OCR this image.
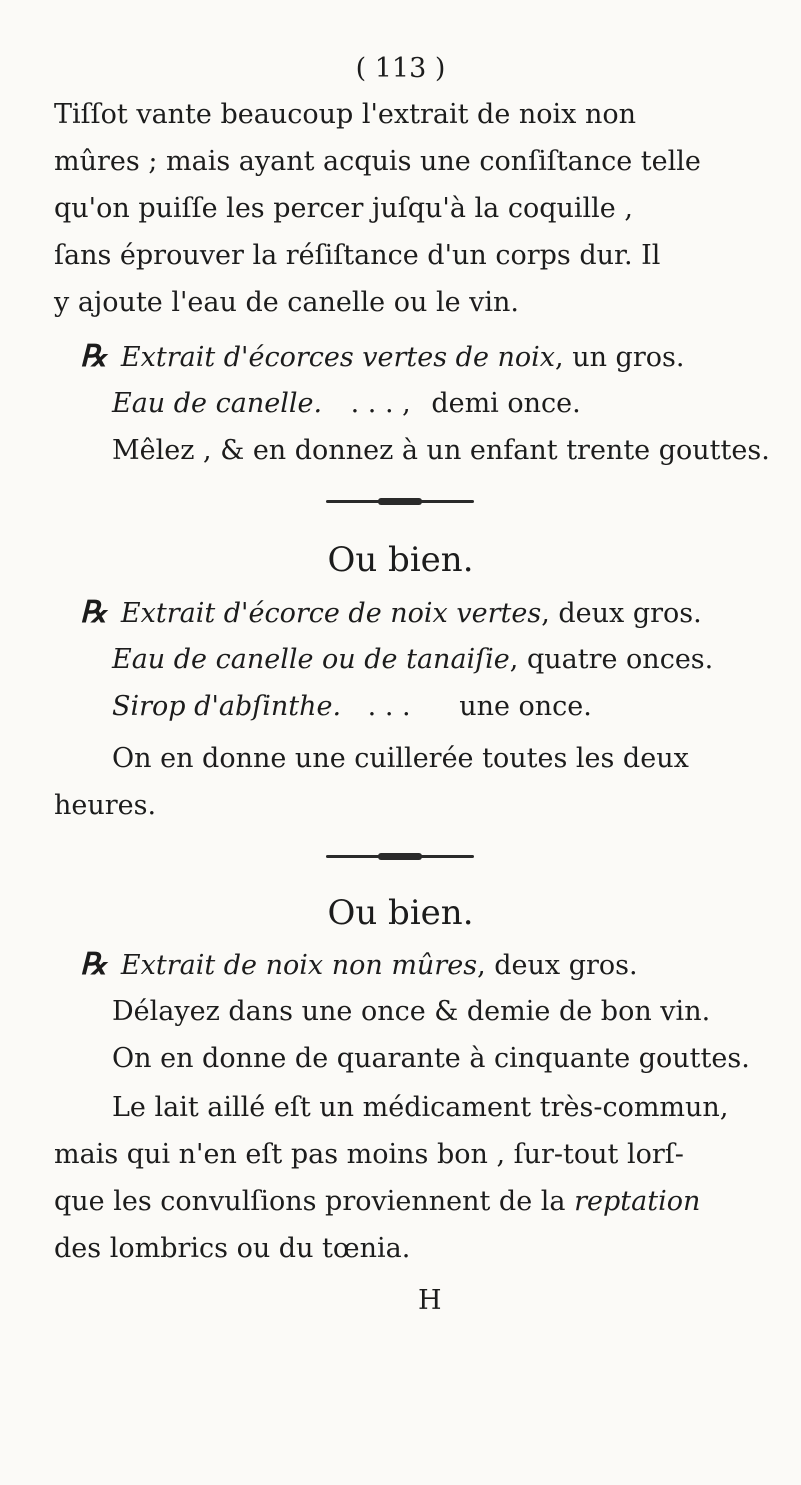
( 113 )
Tiſſot vante beaucoup l'extrait de noix non
mûres ; mais ayant acquis une conſiſtance telle
qu'on puiſſe les percer juſqu'à la coquille ,
ſans éprouver la réſiſtance d'un corps dur. Il
y ajoute l'eau de canelle ou le vin.
℞ Extrait d'écorces vertes de noix, un gros.
Eau de canelle. . . . , demi once.
Mêlez , & en donnez à un enfant trente gouttes.
Ou bien.
℞ Extrait d'écorce de noix vertes, deux gros.
Eau de canelle ou de tanaiſie, quatre onces.
Sirop d'abſinthe. . . . une once.
On en donne une cuillerée toutes les deux
heures.
Ou bien.
℞ Extrait de noix non mûres, deux gros.
Délayez dans une once & demie de bon vin.
On en donne de quarante à cinquante gouttes.
Le lait aillé eſt un médicament très-commun,
mais qui n'en eſt pas moins bon , ſur-tout lorſ-
que les convulſions proviennent de la reptation
des lombrics ou du tœnia.
H
